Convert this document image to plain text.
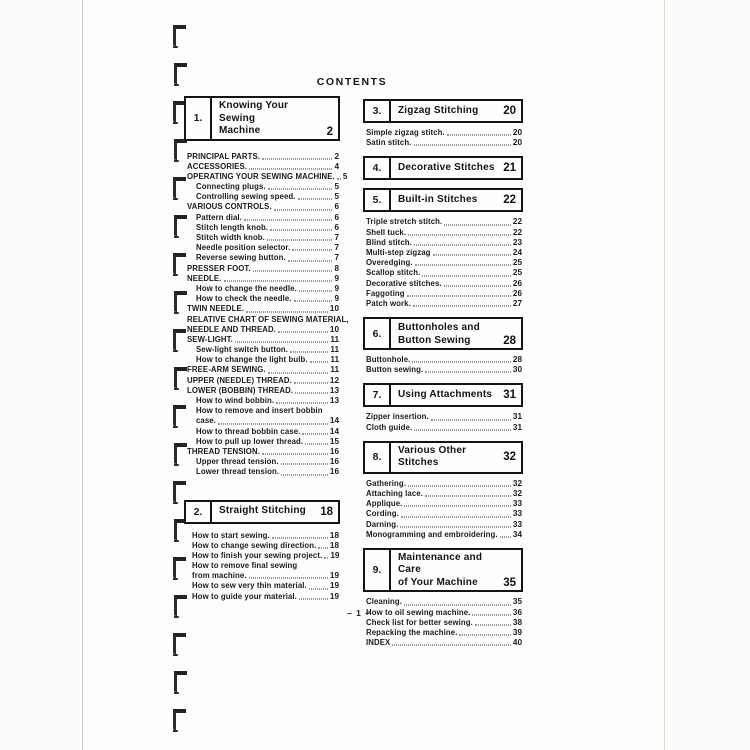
CONTENTS
1.
Knowing Your Sewing
Machine	2
PRINCIPAL PARTS.	2
ACCESSORIES.	4
OPERATING YOUR SEWING MACHINE. 5
Connecting plugs.	5
Controlling sewing speed.	5
VARIOUS CONTROLS.	6
Pattern dial.	6
Stitch length knob.	6
Stitch width knob.	7
Needle position selector.	7
Reverse sewing button.	7
PRESSER FOOT.	8
NEEDLE.	9
How to change the needle.	9
How to check the needle.	9
TWIN NEEDLE.	10
RELATIVE CHART OF SEWING MATERIAL,
NEEDLE AND THREAD.	10
SEW-LIGHT.	11
Sew-light switch button.	11
How to change the light bulb.	11
FREE-ARM SEWING.	11
UPPER (NEEDLE) THREAD.	12
LOWER (BOBBIN) THREAD.	13
How to wind bobbin.	13
How to remove and insert bobbin
case.	14
How to thread bobbin case.	14
How to pull up lower thread.	15
THREAD TENSION.	16
Upper thread tension.	16
Lower thread tension.	16
2.	Straight Stitching	18
How to start sewing.	18
How to change sewing direction. 18
How to finish your sewing project. 19
How to remove final sewing
from machine.	19
How to sew very thin material.	19
How to guide your material.	19
3.	Zigzag Stitching	20
Simple zigzag stitch.	20
Satin stitch.	20
4.	Decorative Stitches 21
5.	Built-in Stitches	22
Triple stretch stitch.	22
Shell tuck.	22
Blind stitch.	23
Multi-step zigzag	24
Overedging.	25
Scallop stitch.	25
Decorative stitches.	26
Faggoting	26
Patch work.	27
6.	Buttonholes and
Button Sewing	28
Buttonhole.	28
Button sewing.	30
7.	Using Attachments 31
Zipper insertion.	31
Cloth guide.	31
8.
Various Other Stitches	32
Gathering.	32
Attaching lace.	32
Applique.	33
Cording.	33
Darning.	33
Monogramming and embroidering. 34
9.
Maintenance and Care
of Your Machine	35
Cleaning.	35
How to oil sewing machine.	36
Check list for better sewing.	38
Repacking the machine.	39
INDEX	40
– 1 –
